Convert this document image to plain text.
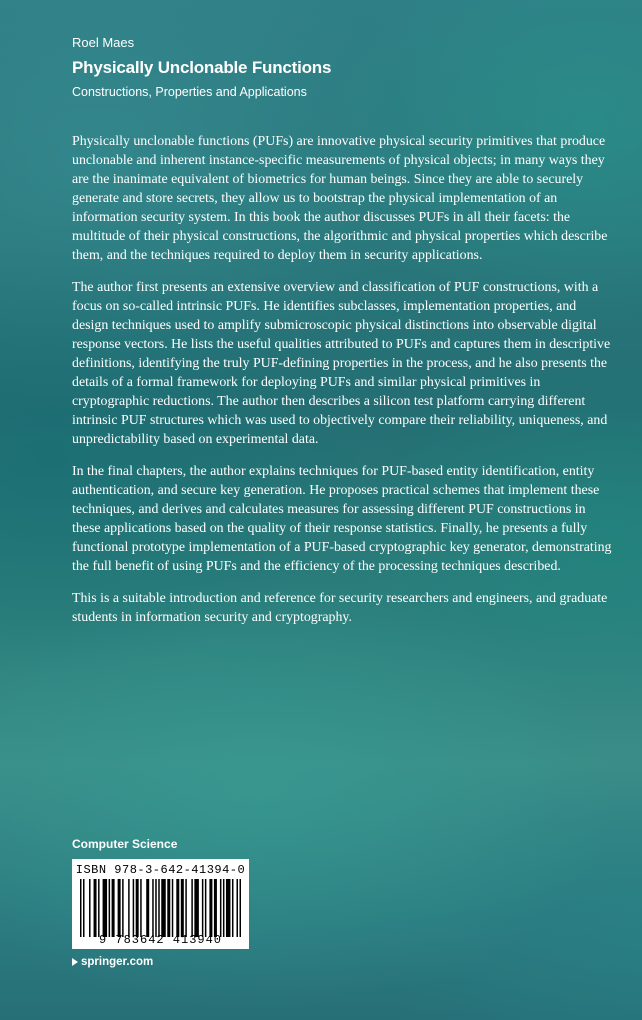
Roel Maes
Physically Unclonable Functions
Constructions, Properties and Applications

Physically unclonable functions (PUFs) are innovative physical security primitives that produce unclonable and inherent instance-specific measurements of physical objects; in many ways they are the inanimate equivalent of biometrics for human beings. Since they are able to securely generate and store secrets, they allow us to bootstrap the physical implementation of an information security system. In this book the author discusses PUFs in all their facets: the multitude of their physical constructions, the algorithmic and physical properties which describe them, and the techniques required to deploy them in security applications.

The author first presents an extensive overview and classification of PUF constructions, with a focus on so-called intrinsic PUFs. He identifies subclasses, implementation properties, and design techniques used to amplify submicroscopic physical distinctions into observable digital response vectors. He lists the useful qualities attributed to PUFs and captures them in descriptive definitions, identifying the truly PUF-defining properties in the process, and he also presents the details of a formal framework for deploying PUFs and similar physical primitives in cryptographic reductions. The author then describes a silicon test platform carrying different intrinsic PUF structures which was used to objectively compare their reliability, uniqueness, and unpredictability based on experimental data.

In the final chapters, the author explains techniques for PUF-based entity identification, entity authentication, and secure key generation. He proposes practical schemes that implement these techniques, and derives and calculates measures for assessing different PUF constructions in these applications based on the quality of their response statistics. Finally, he presents a fully functional prototype implementation of a PUF-based cryptographic key generator, demonstrating the full benefit of using PUFs and the efficiency of the processing techniques described.

This is a suitable introduction and reference for security researchers and engineers, and graduate students in information security and cryptography.

Computer Science
ISBN 978-3-642-41394-0
9 783642 413940
springer.com
